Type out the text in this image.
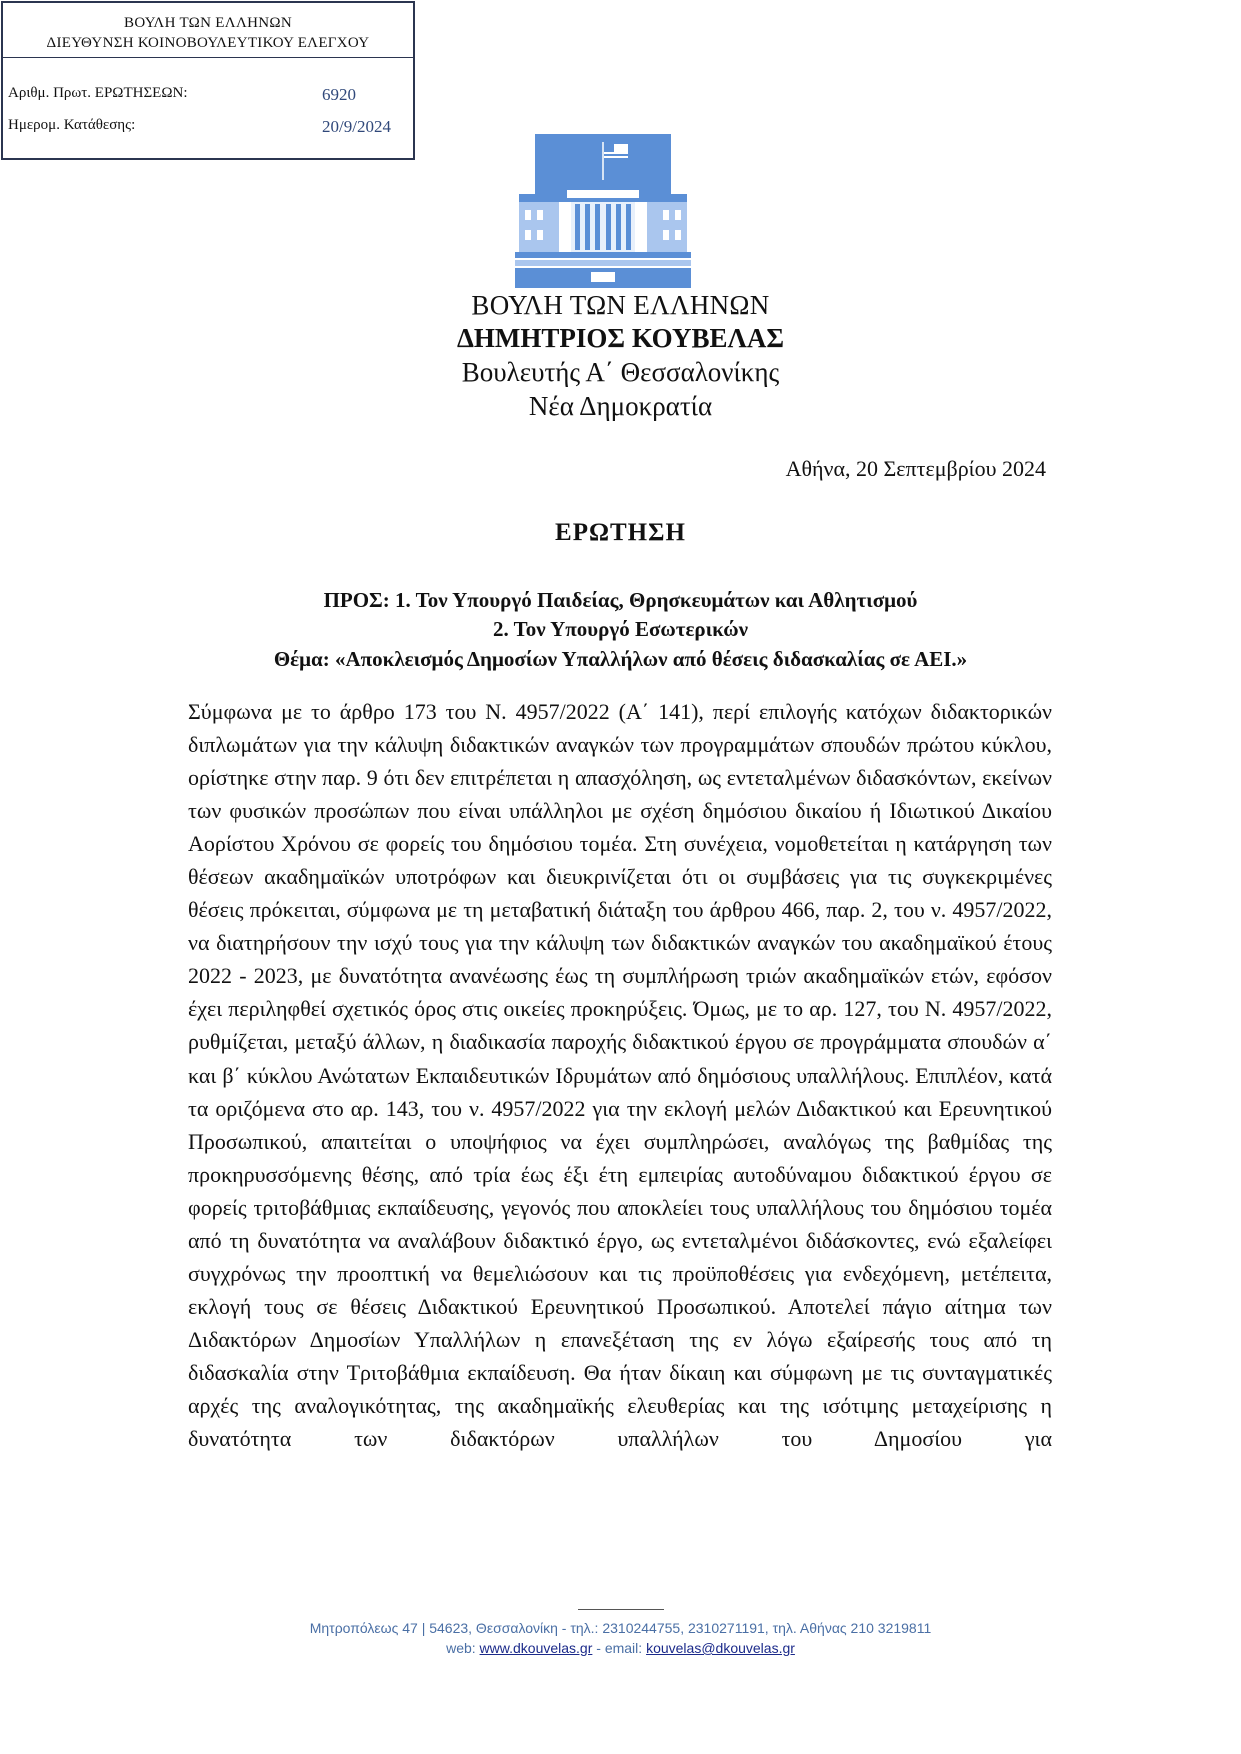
ΒΟΥΛΗ ΤΩΝ ΕΛΛΗΝΩΝ
ΔΙΕΥΘΥΝΣΗ ΚΟΙΝΟΒΟΥΛΕΥΤΙΚΟΥ ΕΛΕΓΧΟΥ
Αριθμ. Πρωτ. ΕΡΩΤΗΣΕΩΝ:	6920
Ημερομ. Κατάθεσης:	20/9/2024
ΒΟΥΛΗ ΤΩΝ ΕΛΛΗΝΩΝ
ΔΗΜΗΤΡΙΟΣ ΚΟΥΒΕΛΑΣ
Βουλευτής Α΄ Θεσσαλονίκης
Νέα Δημοκρατία
Αθήνα, 20 Σεπτεμβρίου 2024
ΕΡΩΤΗΣΗ
ΠΡΟΣ: 1. Τον Υπουργό Παιδείας, Θρησκευμάτων και Αθλητισμού
2. Τον Υπουργό Εσωτερικών
Θέμα: «Αποκλεισμός Δημοσίων Υπαλλήλων από θέσεις διδασκαλίας σε ΑΕΙ.»

Σύμφωνα με το άρθρο 173 του Ν. 4957/2022 (Α΄ 141), περί επιλογής κατόχων διδακτορικών διπλωμάτων για την κάλυψη διδακτικών αναγκών των προγραμμάτων σπουδών πρώτου κύκλου, ορίστηκε στην παρ. 9 ότι δεν επιτρέπεται η απασχόληση, ως εντεταλμένων διδασκόντων, εκείνων των φυσικών προσώπων που είναι υπάλληλοι με σχέση δημόσιου δικαίου ή Ιδιωτικού Δικαίου Αορίστου Χρόνου σε φορείς του δημόσιου τομέα. Στη συνέχεια, νομοθετείται η κατάργηση των θέσεων ακαδημαϊκών υποτρόφων και διευκρινίζεται ότι οι συμβάσεις για τις συγκεκριμένες θέσεις πρόκειται, σύμφωνα με τη μεταβατική διάταξη του άρθρου 466, παρ. 2, του ν. 4957/2022, να διατηρήσουν την ισχύ τους για την κάλυψη των διδακτικών αναγκών του ακαδημαϊκού έτους 2022 - 2023, με δυνατότητα ανανέωσης έως τη συμπλήρωση τριών ακαδημαϊκών ετών, εφόσον έχει περιληφθεί σχετικός όρος στις οικείες προκηρύξεις. Όμως, με το αρ. 127, του Ν. 4957/2022, ρυθμίζεται, μεταξύ άλλων, η διαδικασία παροχής διδακτικού έργου σε προγράμματα σπουδών α΄ και β΄ κύκλου Ανώτατων Εκπαιδευτικών Ιδρυμάτων από δημόσιους υπαλλήλους. Επιπλέον, κατά τα οριζόμενα στο αρ. 143, του ν. 4957/2022 για την εκλογή μελών Διδακτικού και Ερευνητικού Προσωπικού, απαιτείται ο υποψήφιος να έχει συμπληρώσει, αναλόγως της βαθμίδας της προκηρυσσόμενης θέσης, από τρία έως έξι έτη εμπειρίας αυτοδύναμου διδακτικού έργου σε φορείς τριτοβάθμιας εκπαίδευσης, γεγονός που αποκλείει τους υπαλλήλους του δημόσιου τομέα από τη δυνατότητα να αναλάβουν διδακτικό έργο, ως εντεταλμένοι διδάσκοντες, ενώ εξαλείφει συγχρόνως την προοπτική να θεμελιώσουν και τις προϋποθέσεις για ενδεχόμενη, μετέπειτα, εκλογή τους σε θέσεις Διδακτικού Ερευνητικού Προσωπικού. Αποτελεί πάγιο αίτημα των Διδακτόρων Δημοσίων Υπαλλήλων η επανεξέταση της εν λόγω εξαίρεσής τους από τη διδασκαλία στην Τριτοβάθμια εκπαίδευση. Θα ήταν δίκαιη και σύμφωνη με τις συνταγματικές αρχές της αναλογικότητας, της ακαδημαϊκής ελευθερίας και της ισότιμης μεταχείρισης η δυνατότητα των διδακτόρων υπαλλήλων του Δημοσίου για

Μητροπόλεως 47 | 54623, Θεσσαλονίκη - τηλ.: 2310244755, 2310271191, τηλ. Αθήνας 210 3219811
web: www.dkouvelas.gr - email: kouvelas@dkouvelas.gr
